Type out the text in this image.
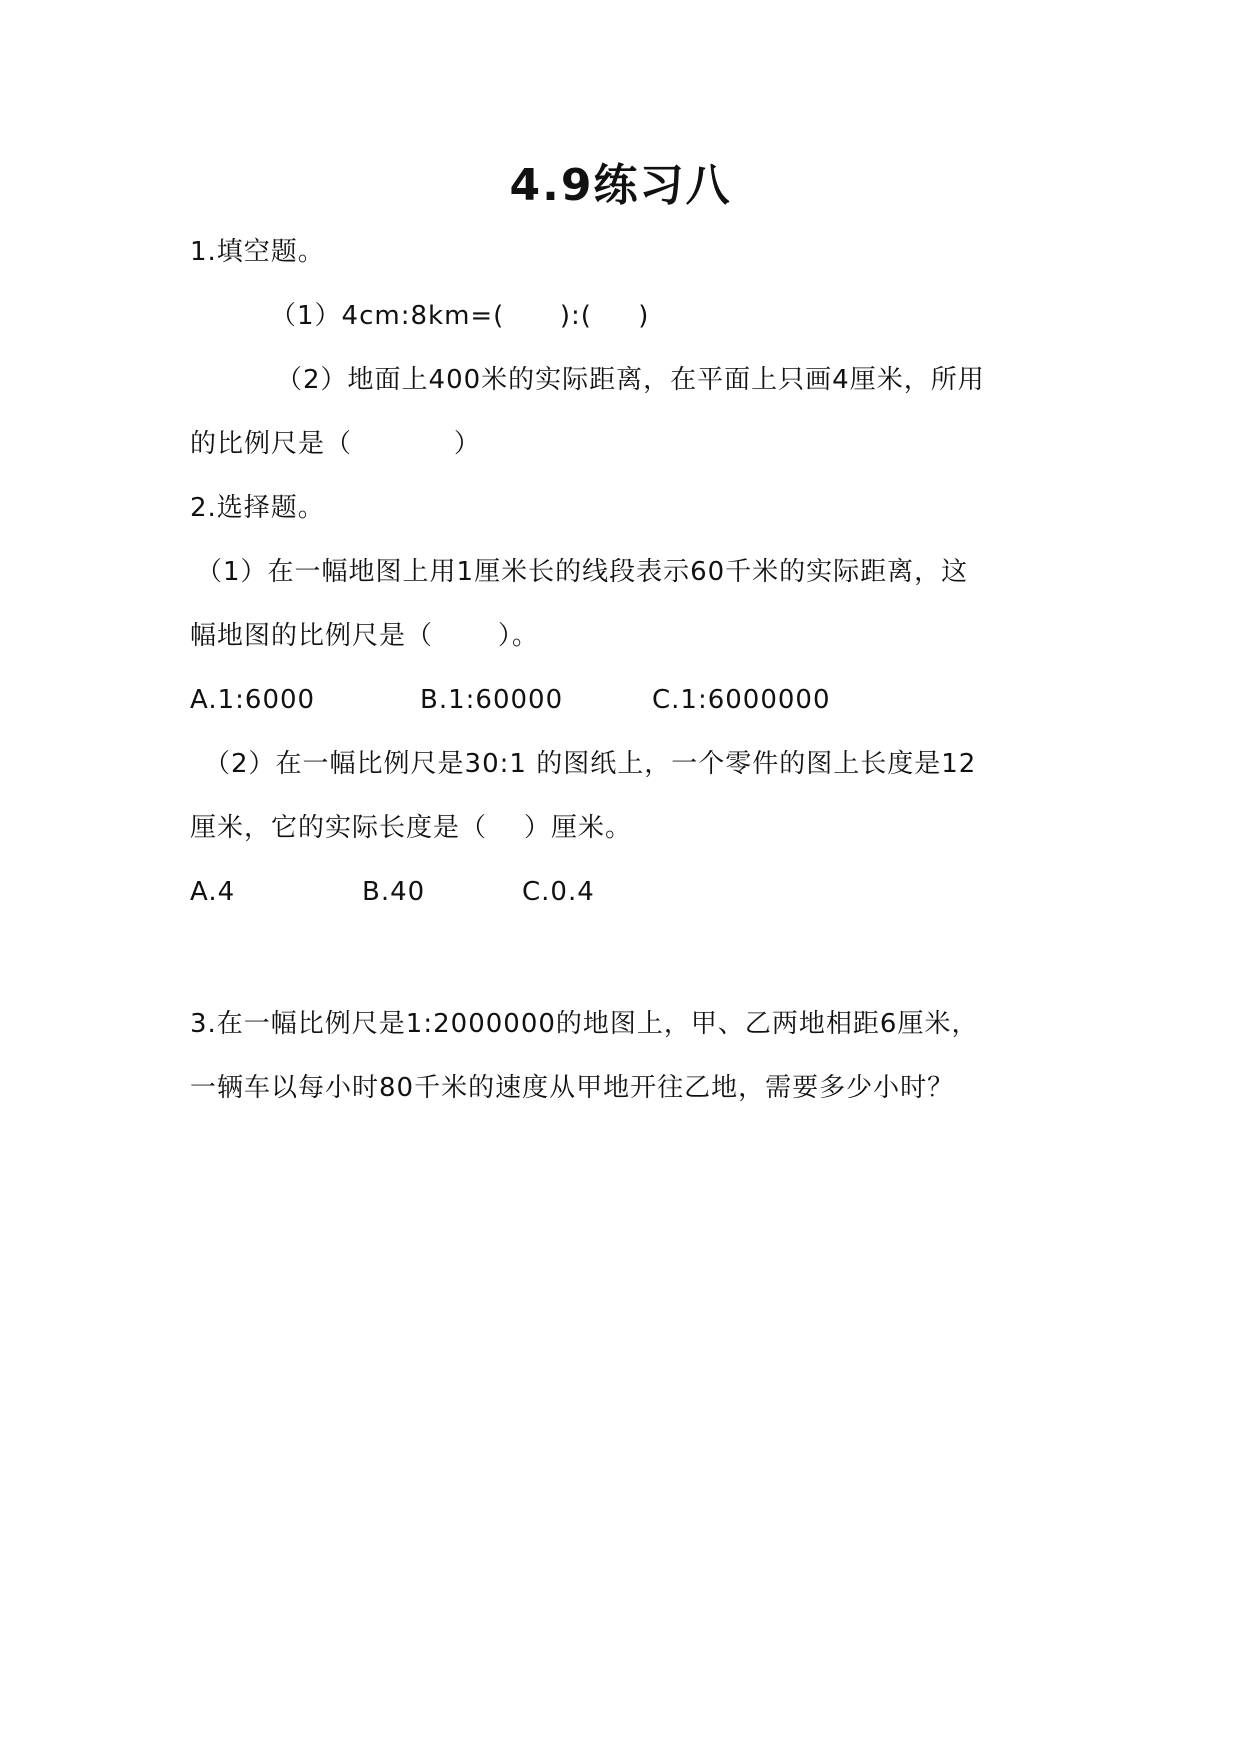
4.9练习八
1.填空题。
（1）4cm:8km=(      ):(     )
（2）地面上400米的实际距离，在平面上只画4厘米，所用
的比例尺是（           ）
2.选择题。
（1）在一幅地图上用1厘米长的线段表示60千米的实际距离，这
幅地图的比例尺是（       ）。
A.1:6000	B.1:60000	C.1:6000000
（2）在一幅比例尺是30:1 的图纸上，一个零件的图上长度是12
厘米，它的实际长度是（    ）厘米。
A.4	B.40	C.0.4
3.在一幅比例尺是1:2000000的地图上，甲、乙两地相距6厘米，
一辆车以每小时80千米的速度从甲地开往乙地，需要多少小时？
